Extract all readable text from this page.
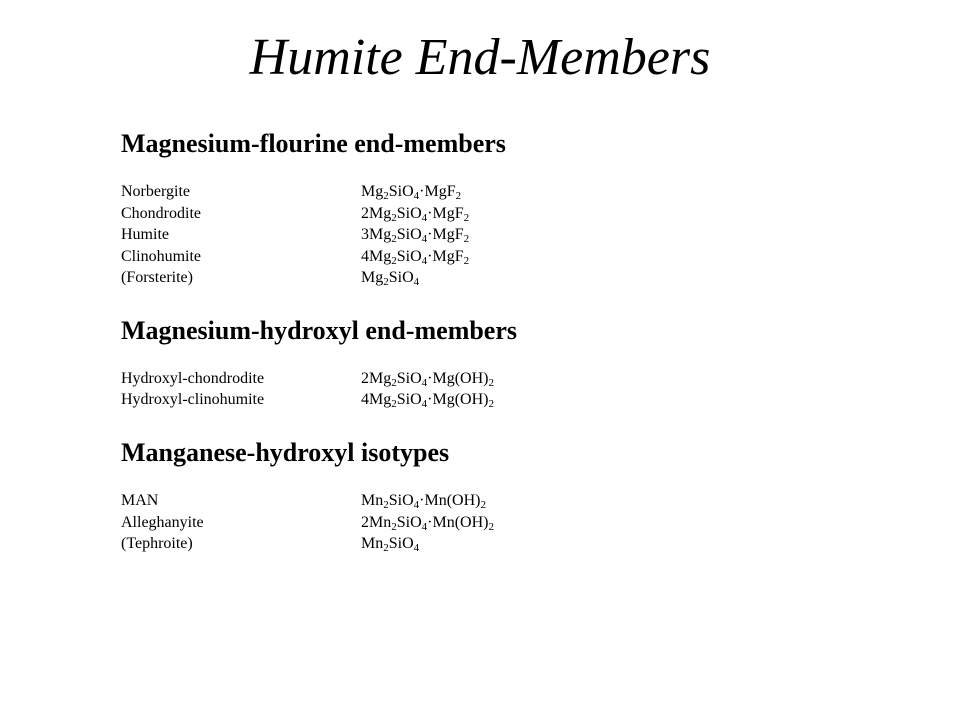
Humite End-Members
Magnesium-flourine end-members
Norbergite	$Mg_2SiO_4\cdot MgF_2$
Chondrodite	$2Mg_2SiO_4\cdot MgF_2$
Humite	$3Mg_2SiO_4\cdot MgF_2$
Clinohumite	$4Mg_2SiO_4\cdot MgF_2$
(Forsterite)	$Mg_2SiO_4$
Magnesium-hydroxyl end-members
Hydroxyl-chondrodite	$2Mg_2SiO_4\cdot Mg(OH)_2$
Hydroxyl-clinohumite	$4Mg_2SiO_4\cdot Mg(OH)_2$
Manganese-hydroxyl isotypes
MAN	$Mn_2SiO_4\cdot Mn(OH)_2$
Alleghanyite	$2Mn_2SiO_4\cdot Mn(OH)_2$
(Tephroite)	$Mn_2SiO_4$
